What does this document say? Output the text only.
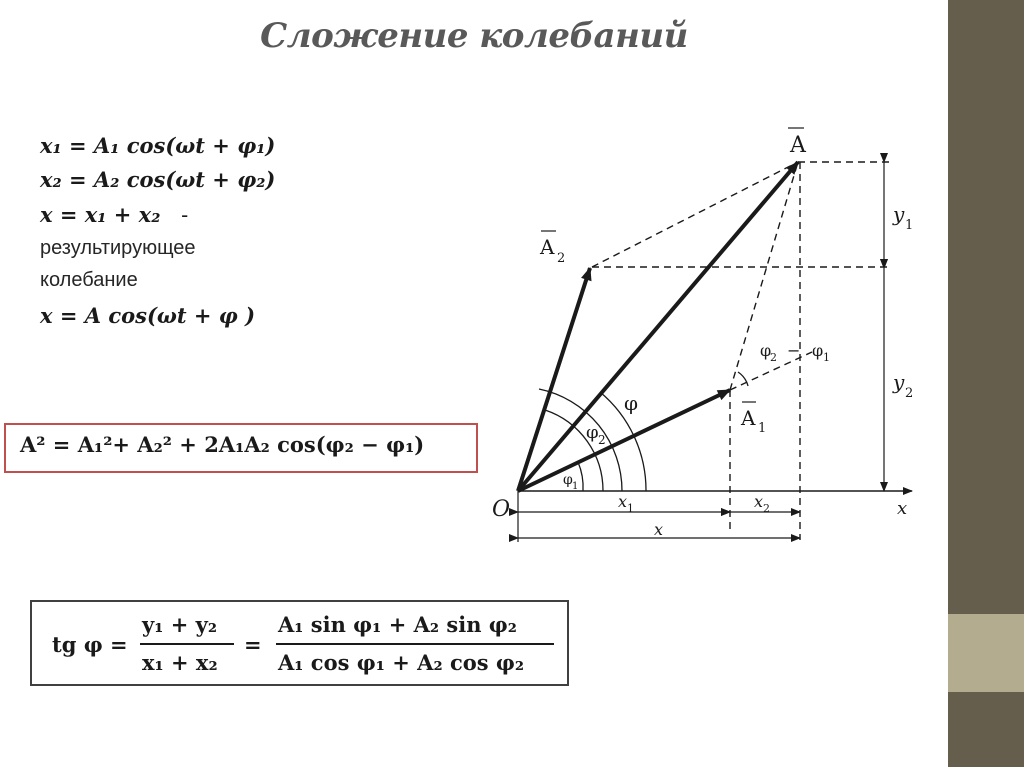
Сложение колебаний
x₁ = A₁ cos(ωt + φ₁)
x₂ = A₂ cos(ωt + φ₂)
x = x₁ + x₂ -
результирующее
колебание
x = A cos(ωt + φ )
A² = A₁²+ A₂² + 2A₁A₂ cos(φ₂ − φ₁)
tg φ =
y₁ + y₂
x₁ + x₂
=
A₁ sin φ₁ + A₂ sin φ₂
A₁ cos φ₁ + A₂ cos φ₂
A
A 2
A 1
O	x
y 1
y 2
x 1	x 2
x
φ
φ 2
φ 1
φ
2 − φ 1
